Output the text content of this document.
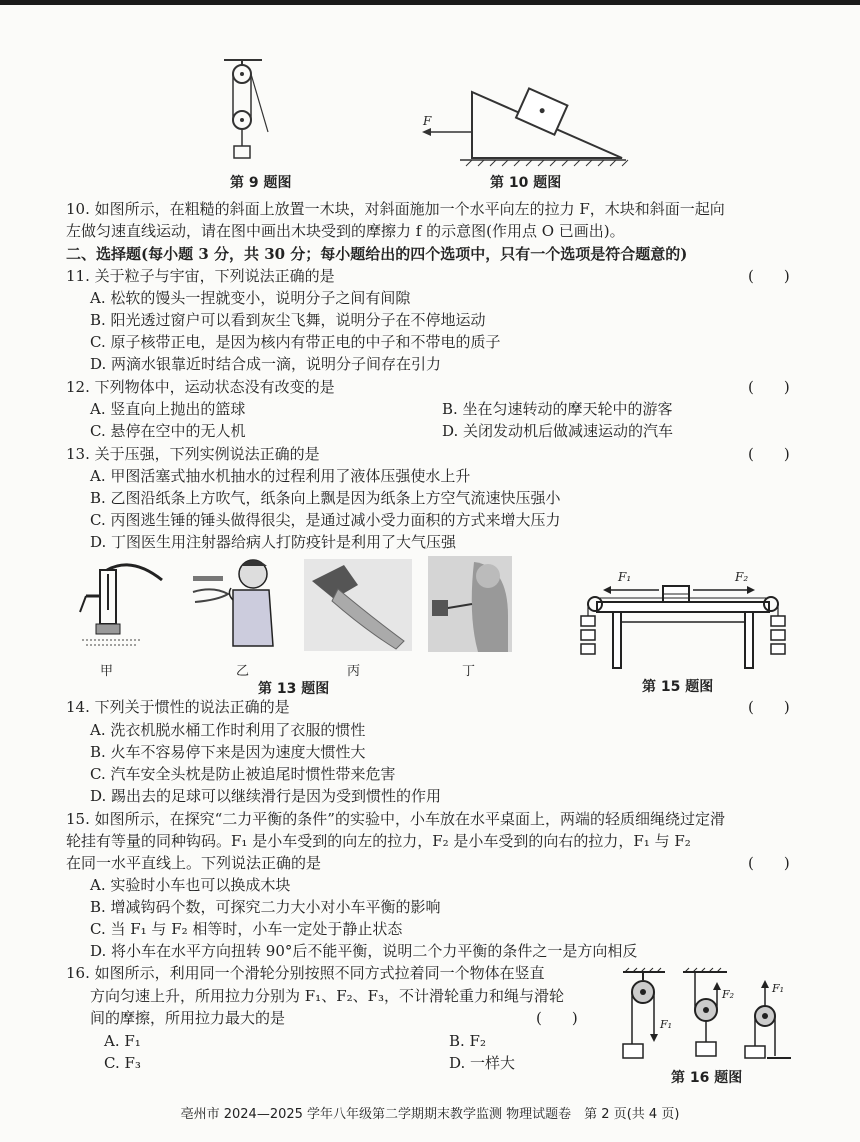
第 9 题图
F
第 10 题图
10. 如图所示，在粗糙的斜面上放置一木块，对斜面施加一个水平向左的拉力 F，木块和斜面一起向
左做匀速直线运动，请在图中画出木块受到的摩擦力 f 的示意图(作用点 O 已画出)。
二、选择题(每小题 3 分，共 30 分；每小题给出的四个选项中，只有一个选项是符合题意的)
11. 关于粒子与宇宙，下列说法正确的是	(　　)
A. 松软的馒头一捏就变小，说明分子之间有间隙
B. 阳光透过窗户可以看到灰尘飞舞，说明分子在不停地运动
C. 原子核带正电，是因为核内有带正电的中子和不带电的质子
D. 两滴水银靠近时结合成一滴，说明分子间存在引力
12. 下列物体中，运动状态没有改变的是	(　　)
A. 竖直向上抛出的篮球	B. 坐在匀速转动的摩天轮中的游客
C. 悬停在空中的无人机	D. 关闭发动机后做减速运动的汽车
13. 关于压强，下列实例说法正确的是	(　　)
A. 甲图活塞式抽水机抽水的过程利用了液体压强使水上升
B. 乙图沿纸条上方吹气，纸条向上飘是因为纸条上方空气流速快压强小
C. 丙图逃生锤的锤头做得很尖，是通过减小受力面积的方式来增大压力
D. 丁图医生用注射器给病人打防疫针是利用了大气压强
甲	乙	丙	丁
第 13 题图
F₁	F₂
第 15 题图
14. 下列关于惯性的说法正确的是	(　　)
A. 洗衣机脱水桶工作时利用了衣服的惯性
B. 火车不容易停下来是因为速度大惯性大
C. 汽车安全头枕是防止被追尾时惯性带来危害
D. 踢出去的足球可以继续滑行是因为受到惯性的作用
15. 如图所示，在探究“二力平衡的条件”的实验中，小车放在水平桌面上，两端的轻质细绳绕过定滑
轮挂有等量的同种钩码。F₁ 是小车受到的向左的拉力，F₂ 是小车受到的向右的拉力，F₁ 与 F₂
在同一水平直线上。下列说法正确的是	(　　)
A. 实验时小车也可以换成木块
B. 增减钩码个数，可探究二力大小对小车平衡的影响
C. 当 F₁ 与 F₂ 相等时，小车一定处于静止状态
D. 将小车在水平方向扭转 90°后不能平衡，说明二个力平衡的条件之一是方向相反
16. 如图所示，利用同一个滑轮分别按照不同方式拉着同一个物体在竖直
方向匀速上升，所用拉力分别为 F₁、F₂、F₃，不计滑轮重力和绳与滑轮
间的摩擦，所用拉力最大的是	(　　)
A. F₁	B. F₂
C. F₃	D. 一样大
F₁
F₂	F₁
第 16 题图
亳州市 2024—2025 学年八年级第二学期期末教学监测 物理试题卷　第 2 页(共 4 页)
